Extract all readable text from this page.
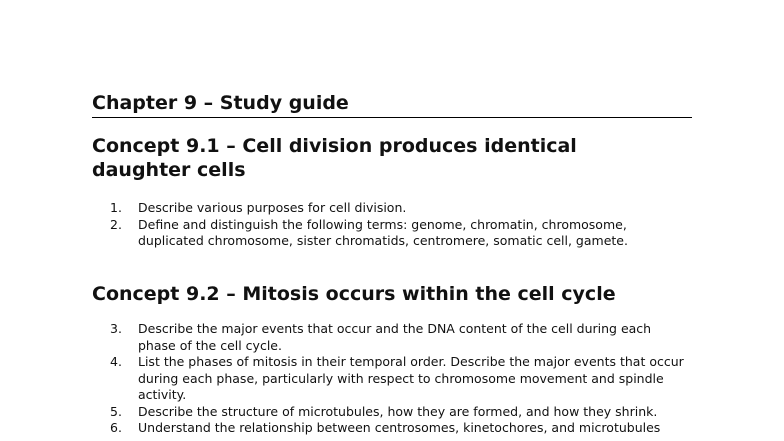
Chapter 9 – Study guide
Concept 9.1 – Cell division produces identical daughter cells
1.	Describe various purposes for cell division.
2.	Define and distinguish the following terms: genome, chromatin, chromosome, duplicated chromosome, sister chromatids, centromere, somatic cell, gamete.
Concept 9.2 – Mitosis occurs within the cell cycle
3.	Describe the major events that occur and the DNA content of the cell during each phase of the cell cycle.
4.	List the phases of mitosis in their temporal order. Describe the major events that occur during each phase, particularly with respect to chromosome movement and spindle activity.
5.	Describe the structure of microtubules, how they are formed, and how they shrink.
6.	Understand the relationship between centrosomes, kinetochores, and microtubules
